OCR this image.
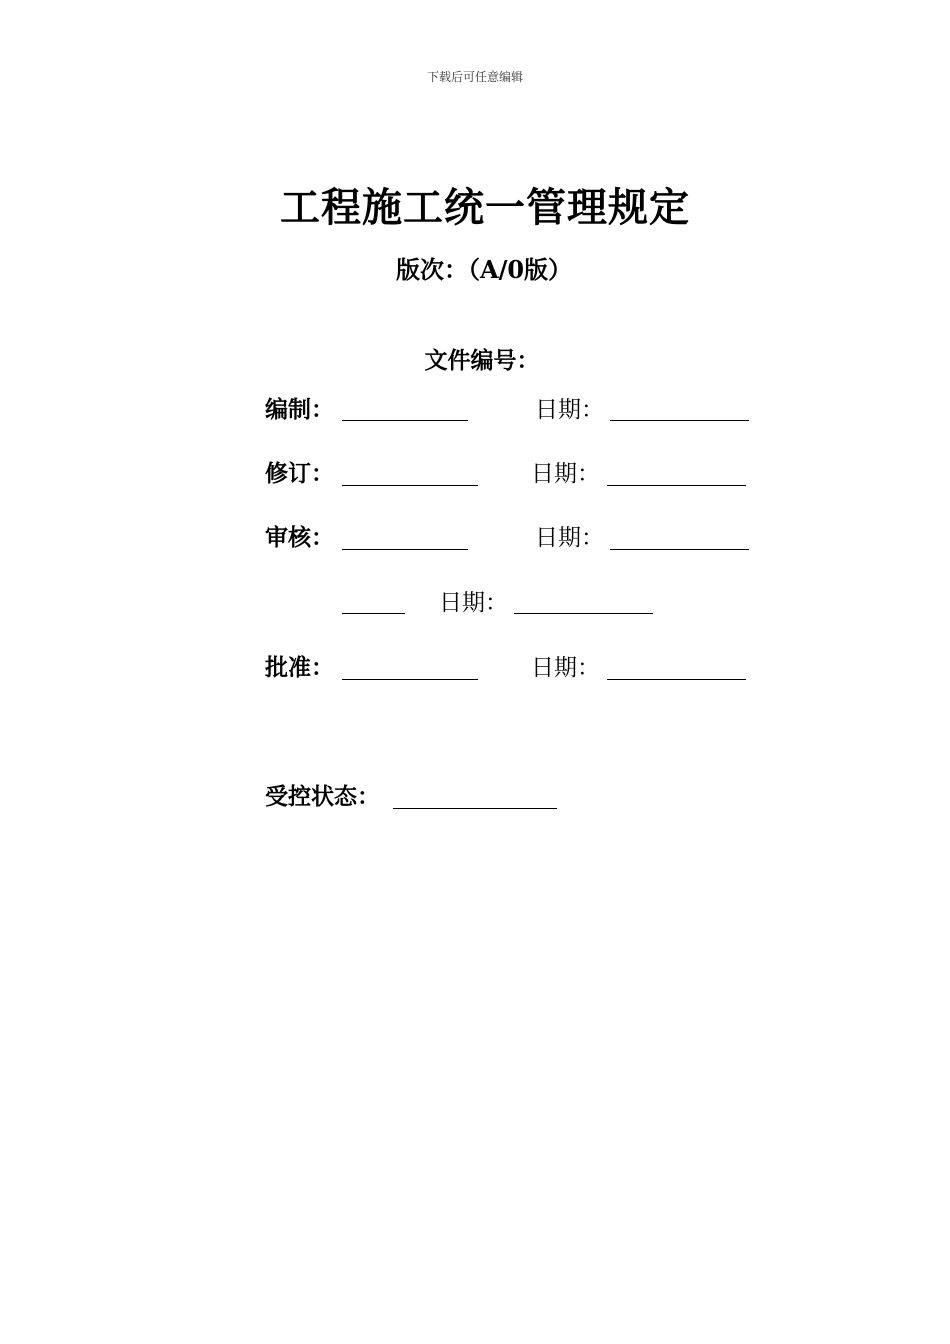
下载后可任意编辑
工程施工统一管理规定
版次：（A/0版）
文件编号：
编制：	日期：
修订：	日期：
审核：	日期：
日期：
批准：	日期：
受控状态：
